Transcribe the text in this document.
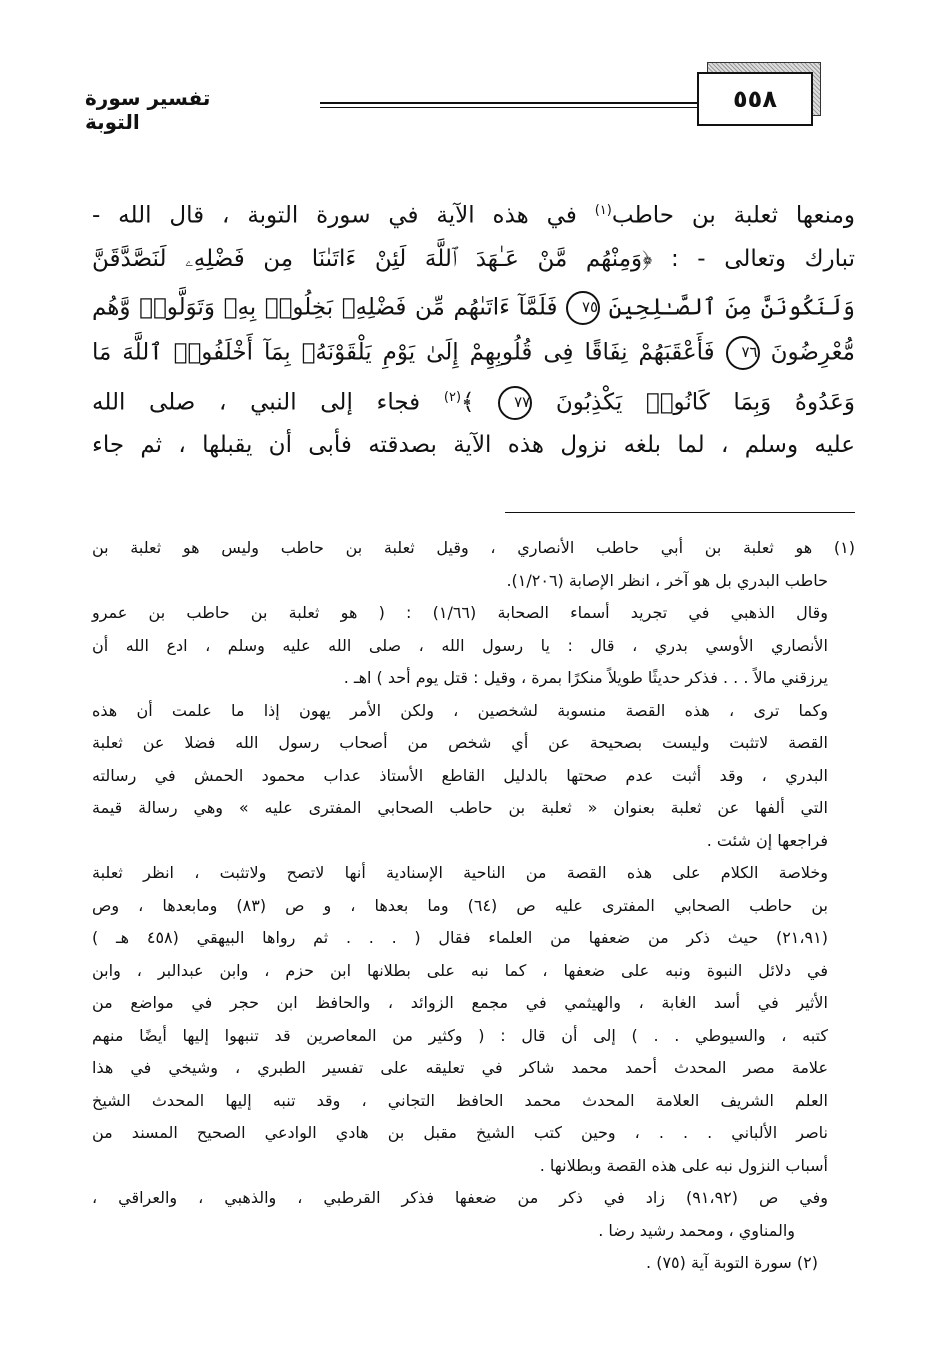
٥٥٨
تفسير سورة التوبة
ومنعها ثعلبة بن حاطب$^{(١)}$ في هذه الآية في سورة التوبة ، قال الله -
تبارك وتعالى - : ﴿وَمِنْهُم مَّنْ عَـٰهَدَ ٱللَّهَ لَئِنْ ءَاتَىٰنَا مِن فَضْلِهِۦ لَنَصَّدَّقَنَّ
وَلَنَكُونَنَّ مِنَ ٱلصَّـٰلِحِينَ ٧٥ فَلَمَّآ ءَاتَىٰهُم مِّن فَضْلِهِۦ بَخِلُوا۟ بِهِۦ وَتَوَلَّوا۟ وَّهُم
مُّعْرِضُونَ ٧٦ فَأَعْقَبَهُمْ نِفَاقًا فِى قُلُوبِهِمْ إِلَىٰ يَوْمِ يَلْقَوْنَهُۥ بِمَآ أَخْلَفُوا۟ ٱللَّهَ مَا
وَعَدُوهُ وَبِمَا كَانُوا۟ يَكْذِبُونَ ٧٧ ﴾$^{(٢)}$ فجاء إلى النبي ، صلى الله
عليه وسلم ، لما بلغه نزول هذه الآية بصدقته فأبى أن يقبلها ، ثم جاء
(١) هو ثعلبة بن أبي حاطب الأنصاري ، وقيل ثعلبة بن حاطب وليس هو ثعلبة بن
حاطب البدري بل هو آخر ، انظر الإصابة (١/٢٠٦).
وقال الذهبي في تجريد أسماء الصحابة (١/٦٦) : ( هو ثعلبة بن حاطب بن عمرو
الأنصاري الأوسي بدري ، قال : يا رسول الله ، صلى الله عليه وسلم ، ادع الله أن
يرزقني مالاً . . . فذكر حديثًا طويلاً منكرًا بمرة ، وقيل : قتل يوم أحد ) اهـ .
وكما ترى ، هذه القصة منسوبة لشخصين ، ولكن الأمر يهون إذا ما علمت أن هذه
القصة لاتثبت وليست بصحيحة عن أي شخص من أصحاب رسول الله فضلا عن ثعلبة
البدري ، وقد أثبت عدم صحتها بالدليل القاطع الأستاذ عداب محمود الحمش في رسالته
التي ألفها عن ثعلبة بعنوان « ثعلبة بن حاطب الصحابي المفترى عليه » وهي رسالة قيمة
فراجعها إن شئت .
وخلاصة الكلام على هذه القصة من الناحية الإسنادية أنها لاتصح ولاتثبت ، انظر ثعلبة
بن حاطب الصحابي المفترى عليه ص (٦٤) وما بعدها ، و ص (٨٣) ومابعدها ، وص
(٢١،٩١) حيث ذكر من ضعفها من العلماء فقال ( . . . ثم رواها البيهقي (٤٥٨ هـ )
في دلائل النبوة ونبه على ضعفها ، كما نبه على بطلانها ابن حزم ، وابن عبدالبر ، وابن
الأثير في أسد الغابة ، والهيثمي في مجمع الزوائد ، والحافظ ابن حجر في مواضع من
كتبه ، والسيوطي . . ) إلى أن قال : ( وكثير من المعاصرين قد تنبهوا إليها أيضًا منهم
علامة مصر المحدث أحمد محمد شاكر في تعليقه على تفسير الطبري ، وشيخي في هذا
العلم الشريف العلامة المحدث محمد الحافظ التجاني ، وقد تنبه إليها المحدث الشيخ
ناصر الألباني . . . ، وحين كتب الشيخ مقبل بن هادي الوادعي الصحيح المسند من
أسباب النزول نبه على هذه القصة وبطلانها .
وفي ص (٩١،٩٢) زاد في ذكر من ضعفها فذكر القرطبي ، والذهبي ، والعراقي ،
والمناوي ، ومحمد رشيد رضا .
(٢) سورة التوبة آية (٧٥) .
